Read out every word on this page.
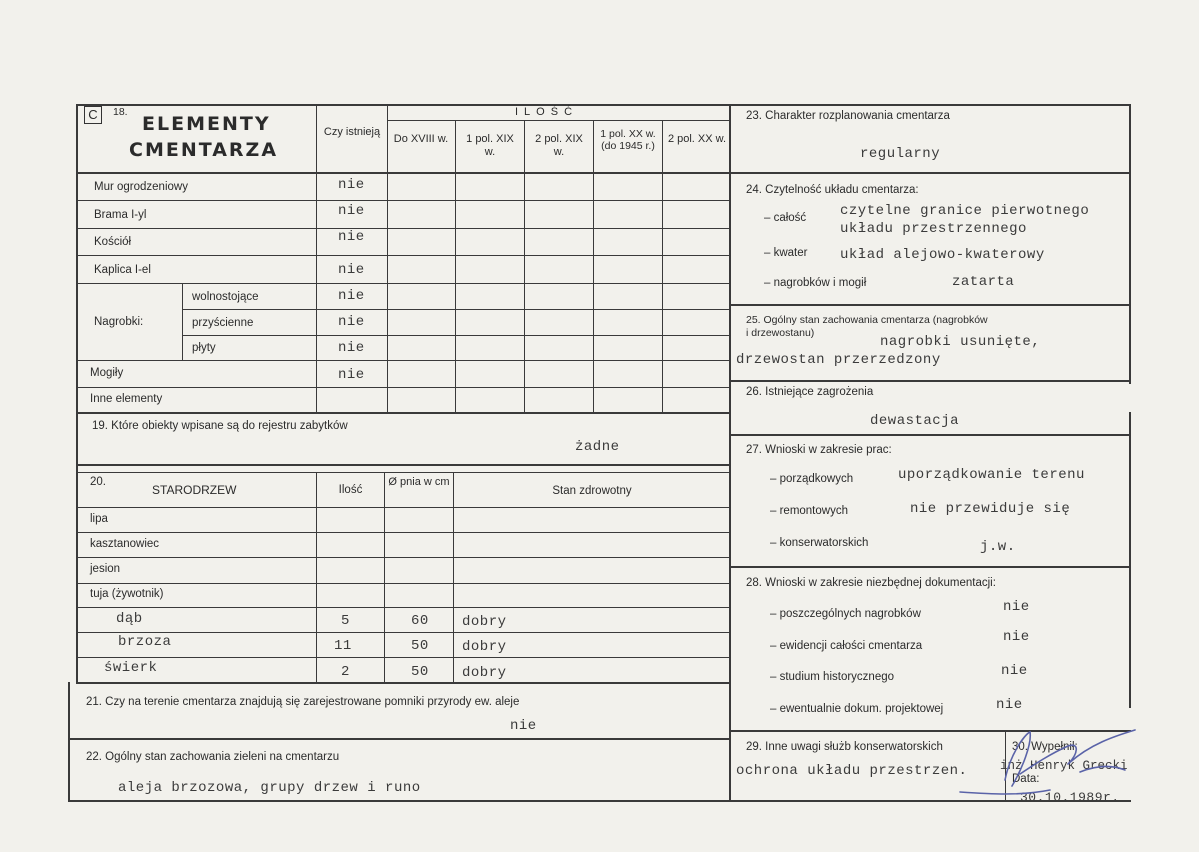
C	18.
ELEMENTY
CMENTARZA
Czy istnieją
ILOŚĆ
Do XVIII w.	1 pol. XIX w.
2 pol. XIX w.
1 pol. XX w. (do 1945 r.)
2 pol. XX w.
Mur ogrodzeniowy	nie
Brama I-yl	nie
Kościół	nie
Kaplica I-el	nie
Nagrobki:
wolnostojące	nie
przyścienne	nie
płyty	nie
Mogiły	nie
Inne elementy
19. Które obiekty wpisane są do rejestru zabytków
żadne
20.
STARODRZEW	Ilość
Ø pnia w cm
Stan zdrowotny
lipa
kasztanowiec
jesion
tuja (żywotnik)
dąb	5	60 dobry
brzoza	11	50 dobry
świerk	2	50 dobry
21. Czy na terenie cmentarza znajdują się zarejestrowane pomniki przyrody ew. aleje
nie
22. Ogólny stan zachowania zieleni na cmentarzu
aleja brzozowa, grupy drzew i runo
23. Charakter rozplanowania cmentarza
regularny
24. Czytelność układu cmentarza:
– całość czytelne granice pierwotnego
układu przestrzennego
– kwater układ alejowo-kwaterowy
– nagrobków i mogił	zatarta
25. Ogólny stan zachowania cmentarza (nagrobków
i drzewostanu)
nagrobki usunięte,
drzewostan przerzedzony
26. Istniejące zagrożenia
dewastacja
27. Wnioski w zakresie prac:
– porządkowych	uporządkowanie terenu
– remontowych	nie przewiduje się
– konserwatorskich	j.w.
28. Wnioski w zakresie niezbędnej dokumentacji:
– poszczególnych nagrobków	nie
– ewidencji całości cmentarza
nie
– studium historycznego	nie
– ewentualnie dokum. projektowej	nie
29. Inne uwagi służb konserwatorskich
ochrona układu przestrzen.
30. Wypełnił:
inż Henryk Grecki
Data:
30.10.1989r.
